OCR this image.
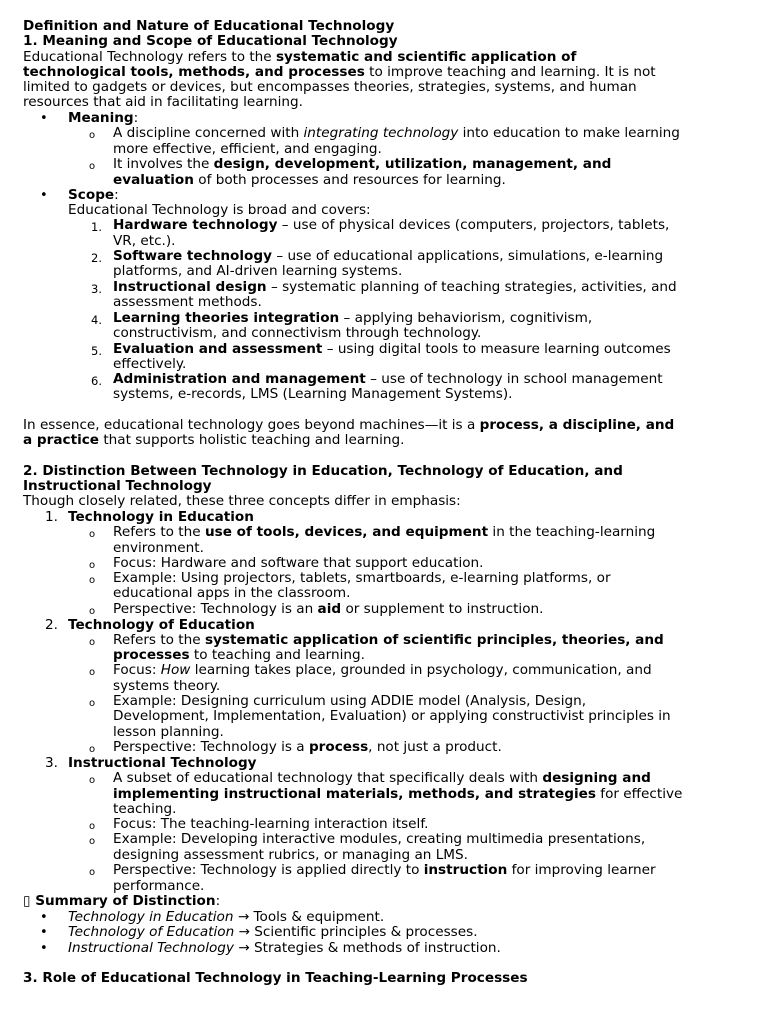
Definition and Nature of Educational Technology

1. Meaning and Scope of Educational Technology

Educational Technology refers to the systematic and scientific application of

technological tools, methods, and processes to improve teaching and learning. It is not

limited to gadgets or devices, but encompasses theories, strategies, systems, and human

resources that aid in facilitating learning.

• Meaning:

o A discipline concerned with integrating technology into education to make learning

more effective, efficient, and engaging.

o It involves the design, development, utilization, management, and

evaluation of both processes and resources for learning.

• Scope:

Educational Technology is broad and covers:

1. Hardware technology – use of physical devices (computers, projectors, tablets,

VR, etc.).

2. Software technology – use of educational applications, simulations, e-learning

platforms, and AI-driven learning systems.

3. Instructional design – systematic planning of teaching strategies, activities, and

assessment methods.

4. Learning theories integration – applying behaviorism, cognitivism,

constructivism, and connectivism through technology.

5. Evaluation and assessment – using digital tools to measure learning outcomes

effectively.

6. Administration and management – use of technology in school management

systems, e-records, LMS (Learning Management Systems).

In essence, educational technology goes beyond machines—it is a process, a discipline, and

a practice that supports holistic teaching and learning.

2. Distinction Between Technology in Education, Technology of Education, and

Instructional Technology

Though closely related, these three concepts differ in emphasis:

1. Technology in Education

o Refers to the use of tools, devices, and equipment in the teaching-learning

environment.

o Focus: Hardware and software that support education.

o Example: Using projectors, tablets, smartboards, e-learning platforms, or

educational apps in the classroom.

o Perspective: Technology is an aid or supplement to instruction.

2. Technology of Education

o Refers to the systematic application of scientific principles, theories, and

processes to teaching and learning.

o Focus: How learning takes place, grounded in psychology, communication, and

systems theory.

o Example: Designing curriculum using ADDIE model (Analysis, Design,

Development, Implementation, Evaluation) or applying constructivist principles in

lesson planning.

o Perspective: Technology is a process, not just a product.

3. Instructional Technology

o A subset of educational technology that specifically deals with designing and

implementing instructional materials, methods, and strategies for effective

teaching.

o Focus: The teaching-learning interaction itself.

o Example: Developing interactive modules, creating multimedia presentations,

designing assessment rubrics, or managing an LMS.

o Perspective: Technology is applied directly to instruction for improving learner

performance.

▯ Summary of Distinction:

• Technology in Education → Tools & equipment.

• Technology of Education → Scientific principles & processes.

• Instructional Technology → Strategies & methods of instruction.

3. Role of Educational Technology in Teaching-Learning Processes
